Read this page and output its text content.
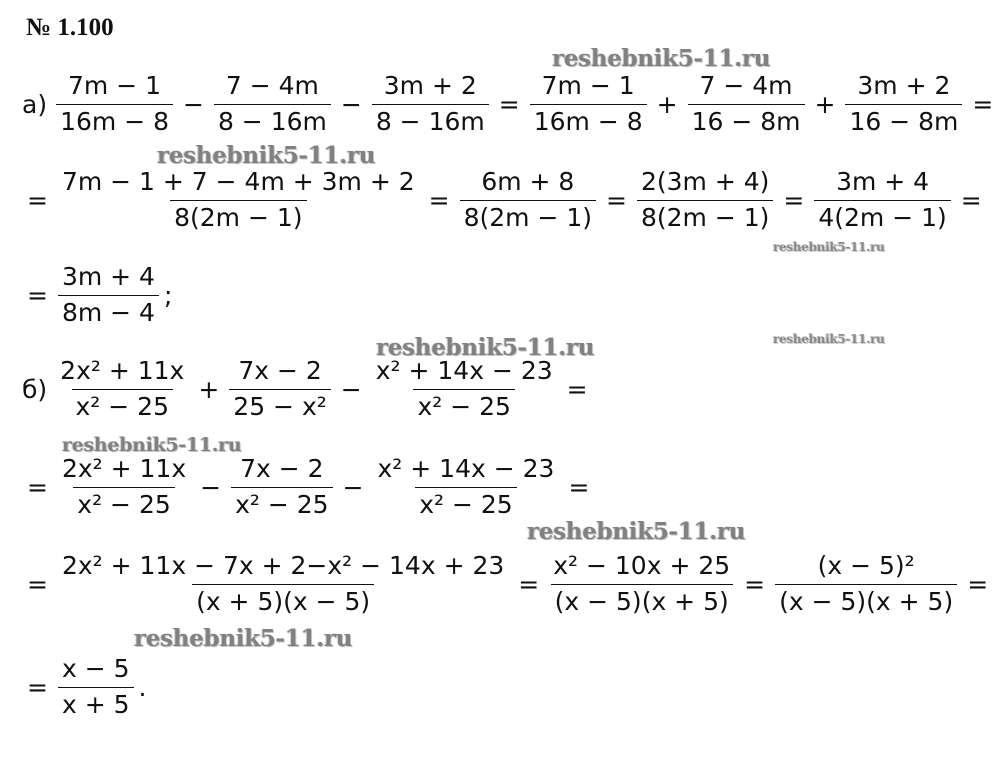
№ 1.100
$а) \frac{7m - 1}{16m - 8} - \frac{7 - 4m}{8 - 16m} - \frac{3m + 2}{8 - 16m} = \frac{7m - 1}{16m - 8} + \frac{7 - 4m}{16 - 8m} + \frac{3m + 2}{16 - 8m}$ =
= $\frac{7m - 1 + 7 - 4m + 3m + 2}{8(2m - 1)} = \frac{6m + 8}{8(2m - 1)} = \frac{2(3m + 4)}{8(2m - 1)} = \frac{3m + 4}{4(2m - 1)}$ =
= $\frac{3m + 4}{8m - 4}$ ;
$б) \frac{\text{2x² + 11x}}{\text{x² − 25}} + \frac{7x - 2}{\text{25 − x²}} - \frac{\text{x² + 14x − 23}}{\text{x² − 25}}$ =
= $\frac{\text{2x² + 11x}}{\text{x² − 25}} - \frac{7x - 2}{\text{x² − 25}} - \frac{\text{x² + 14x − 23}}{\text{x² − 25}}$ =
= $\frac{\text{2x² + 11x − 7x + 2−x² − 14x + 23}}{(x + 5)(x - 5)} = \frac{\text{x² − 10x + 25}}{(x - 5)(x + 5)} = \frac{\text{(x − 5)²}}{(x - 5)(x + 5)}$ =
= $\frac{x - 5}{x + 5}$ .
reshebnik5-11.ru
reshebnik5-11.ru
reshebnik5-11.ru
reshebnik5-11.ru
reshebnik5-11.ru
reshebnik5-11.ru
reshebnik5-11.ru
reshebnik5-11.ru
